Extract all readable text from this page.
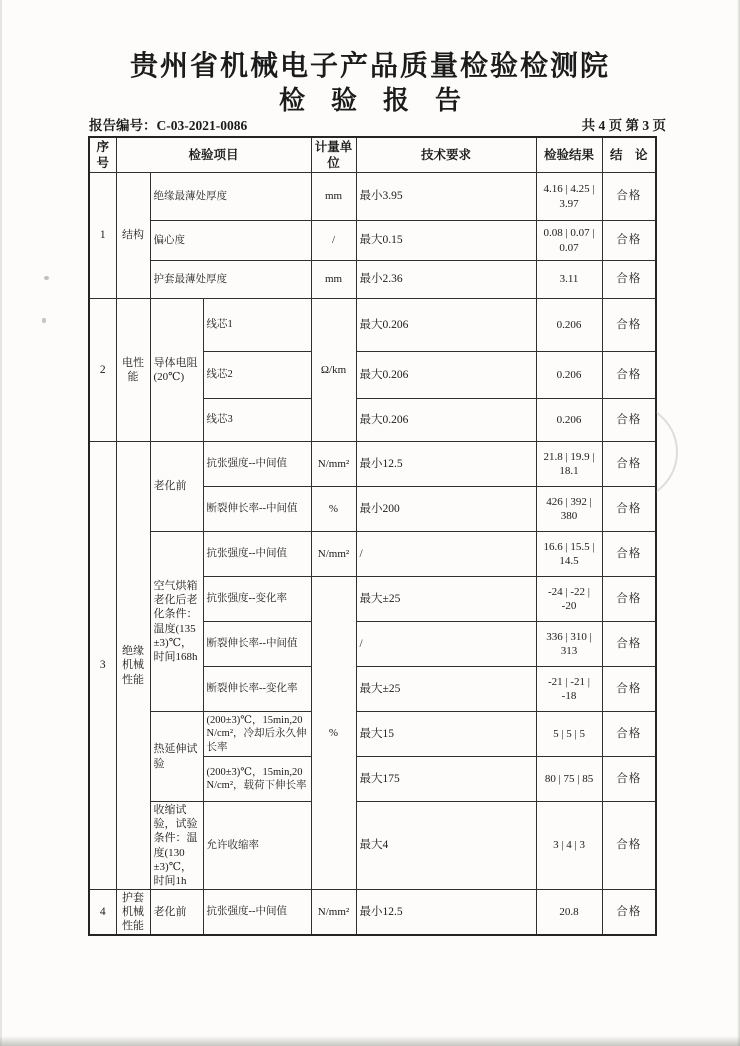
贵州省机械电子产品质量检验检测院
检　验　报　告
报告编号：C-03-2021-0086	共 4 页 第 3 页
序号	检验项目			计量单位	技术要求	检验结果	结　论
1	结构	绝缘最薄处厚度		mm	最小3.95	4.16 | 4.25 | 3.97	合格
		偏心度		/	最大0.15	0.08 | 0.07 | 0.07	合格
		护套最薄处厚度		mm	最小2.36	3.11	合格
2	电性能	导体电阻(20℃)	线芯1	Ω/km	最大0.206	0.206	合格
			线芯2		最大0.206	0.206	合格
			线芯3		最大0.206	0.206	合格
3	绝缘机械性能	老化前	抗张强度--中间值	N/mm²	最小12.5	21.8 | 19.9 | 18.1	合格
			断裂伸长率--中间值	%	最小200	426 | 392 | 380	合格
		空气烘箱老化后老化条件：温度(135±3)℃，时间168h	抗张强度--中间值	N/mm²	/	16.6 | 15.5 | 14.5	合格
			抗张强度--变化率	%	最大±25	-24 | -22 | -20	合格
			断裂伸长率--中间值		/	336 | 310 | 313	合格
			断裂伸长率--变化率		最大±25	-21 | -21 | -18	合格
		热延伸试验	(200±3)℃，15min,20N/cm²，冷却后永久伸长率		最大15	5 | 5 | 5	合格
			(200±3)℃，15min,20N/cm²，载荷下伸长率		最大175	80 | 75 | 85	合格
		收缩试验，试验条件：温度(130±3)℃，时间1h	允许收缩率		最大4	3 | 4 | 3	合格
4	护套机械性能	老化前	抗张强度--中间值	N/mm²	最小12.5	20.8	合格
